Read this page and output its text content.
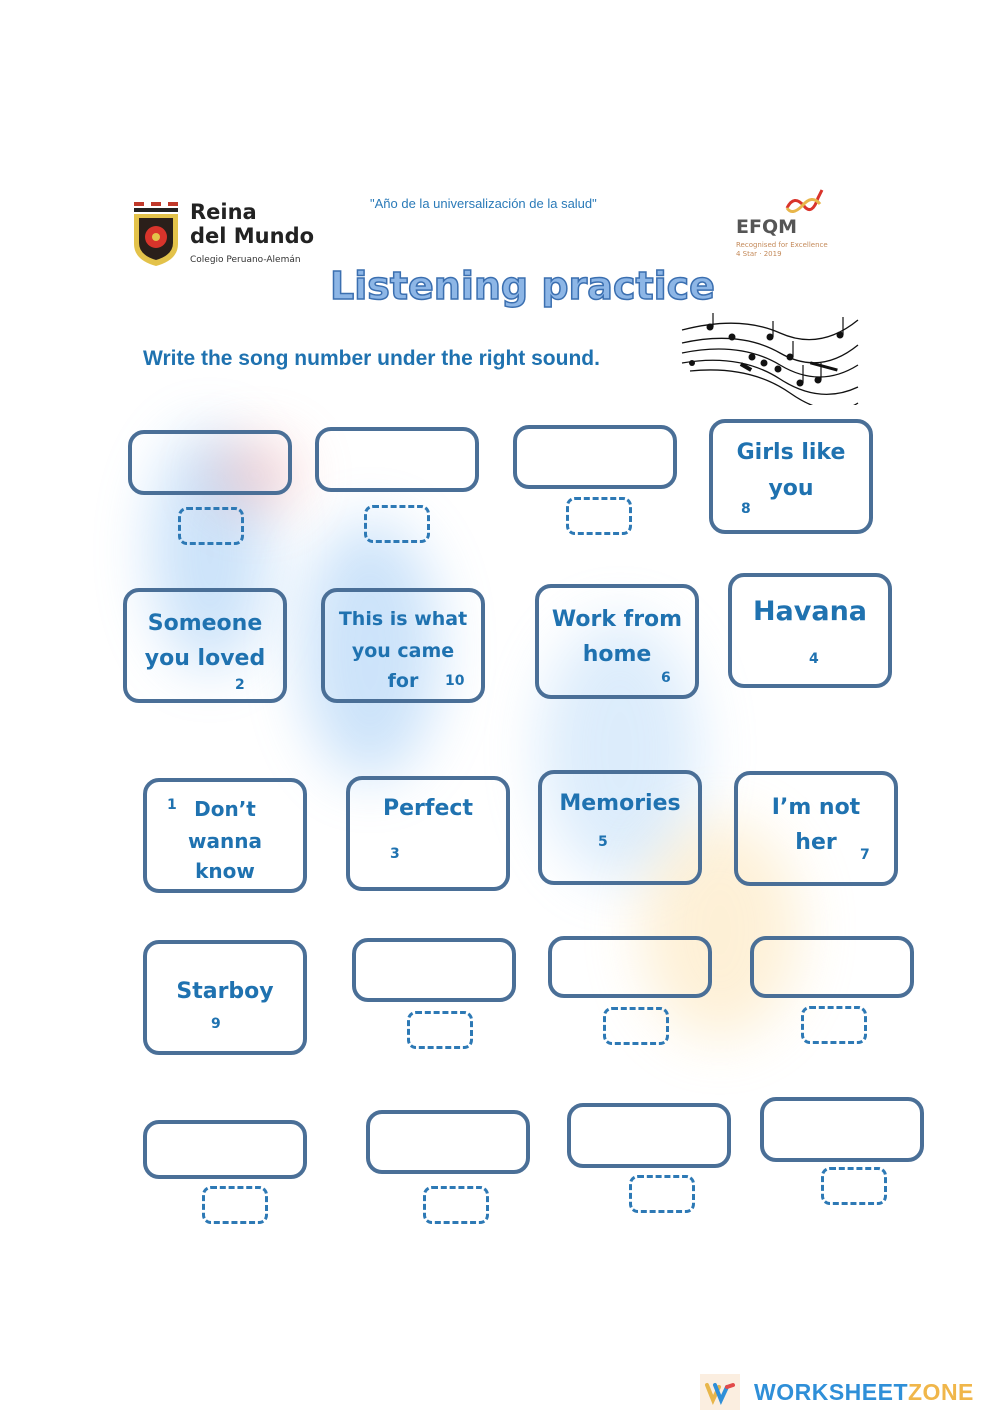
Reina
del Mundo
Colegio Peruano-Alemán
"Año de la universalización de la salud"
EFQM
Recognised for Excellence
4 Star · 2019
Listening practice
Write the song number under the right sound.
Girls like
you
8
Someone
you loved
2
This is what
you came
for	10
Work from
home
6
Havana
4
1 Don’t
wanna
know
Perfect
3
Memories
5
I’m not
her	7
Starboy
9
WORKSHEETZONE
